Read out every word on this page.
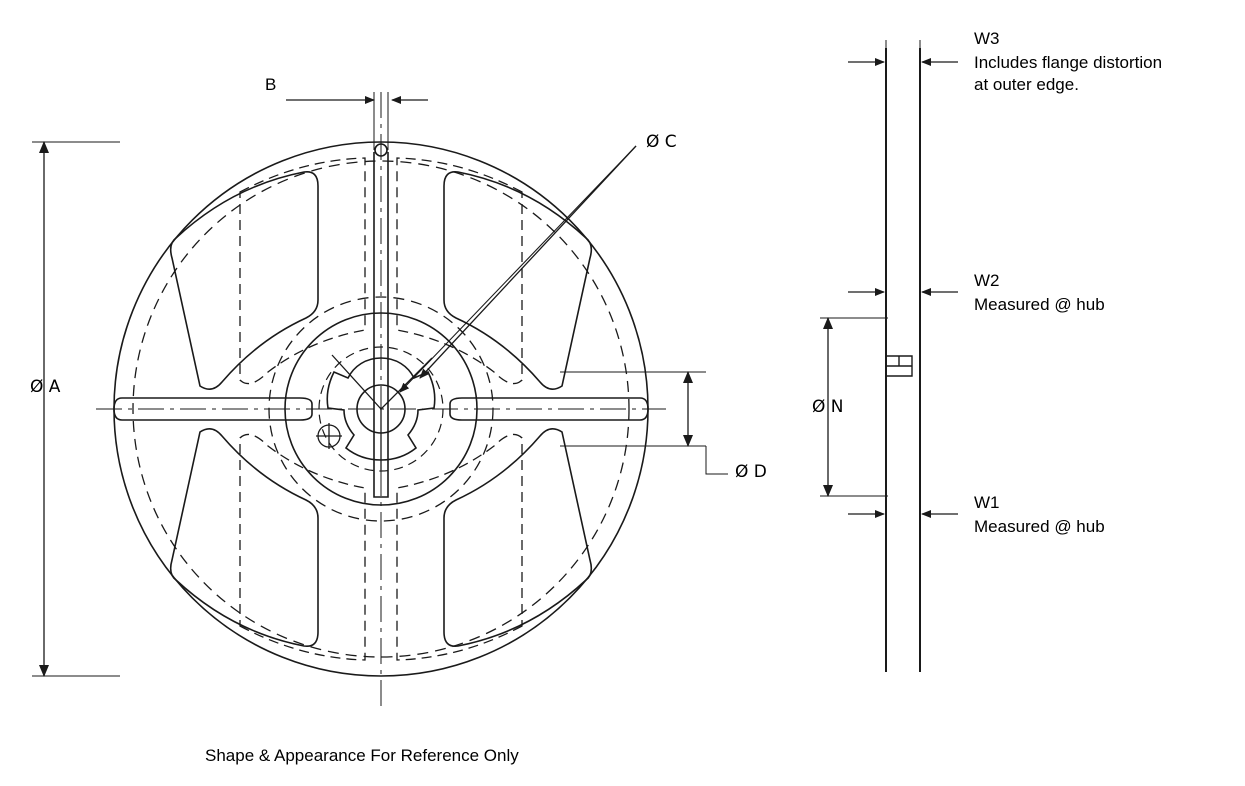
Ø A
B
Ø C
Ø D
W3
Includes flange distortion
at outer edge.
W2
Measured @ hub
Ø N
W1
Measured @ hub
Shape & Appearance For Reference Only
